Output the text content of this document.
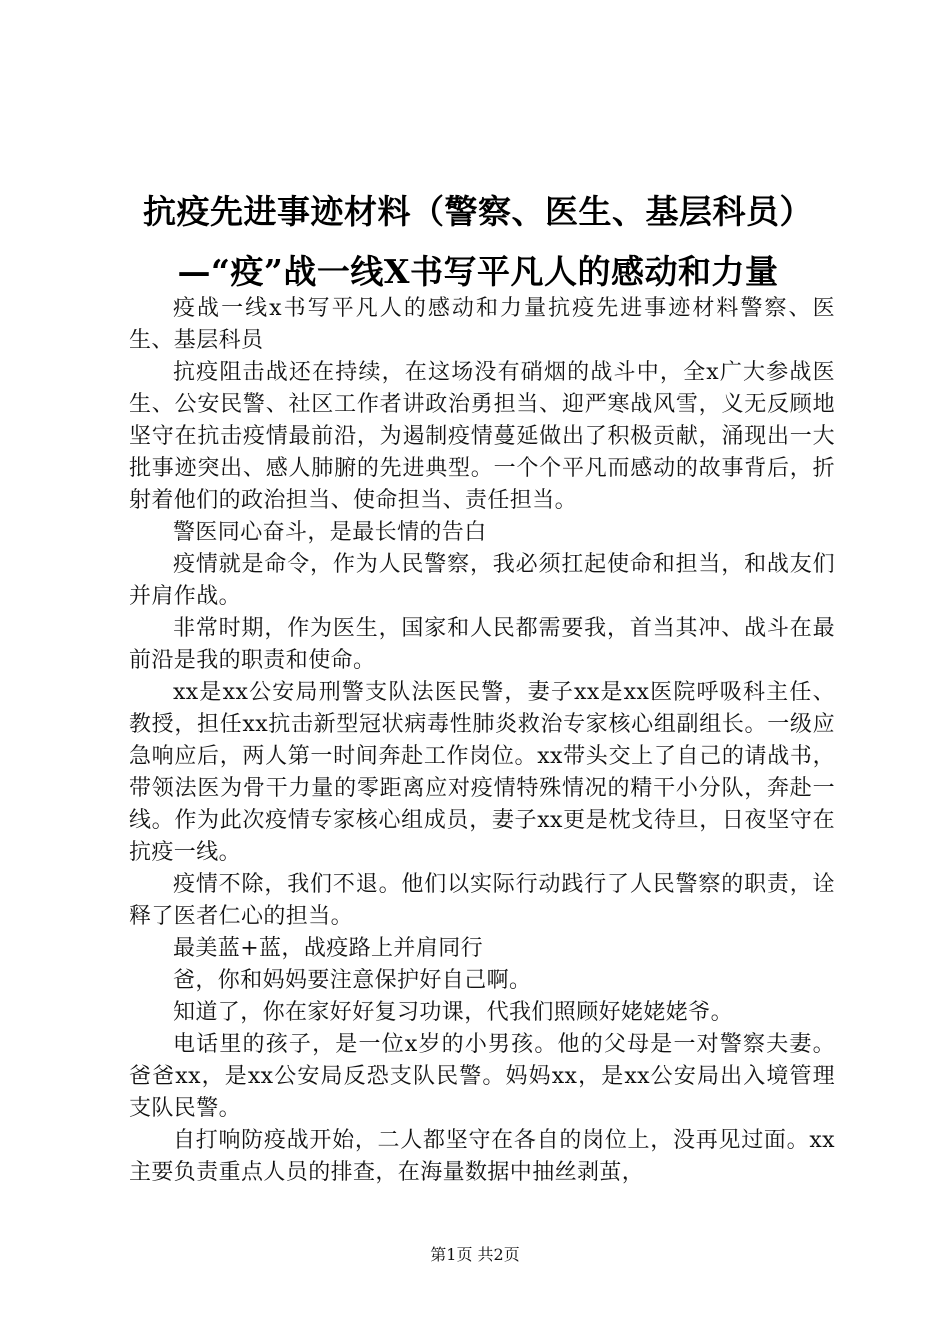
抗疫先进事迹材料（警察、医生、基层科员）
—“疫”战一线X书写平凡人的感动和力量

疫战一线x书写平凡人的感动和力量抗疫先进事迹材料警察、医生、基层科员

抗疫阻击战还在持续，在这场没有硝烟的战斗中，全x广大参战医生、公安民警、社区工作者讲政治勇担当、迎严寒战风雪，义无反顾地坚守在抗击疫情最前沿，为遏制疫情蔓延做出了积极贡献，涌现出一大批事迹突出、感人肺腑的先进典型。一个个平凡而感动的故事背后，折射着他们的政治担当、使命担当、责任担当。

警医同心奋斗，是最长情的告白

疫情就是命令，作为人民警察，我必须扛起使命和担当，和战友们并肩作战。

非常时期，作为医生，国家和人民都需要我，首当其冲、战斗在最前沿是我的职责和使命。

xx是xx公安局刑警支队法医民警，妻子xx是xx医院呼吸科主任、教授，担任xx抗击新型冠状病毒性肺炎救治专家核心组副组长。一级应急响应后，两人第一时间奔赴工作岗位。xx带头交上了自己的请战书，带领法医为骨干力量的零距离应对疫情特殊情况的精干小分队，奔赴一线。作为此次疫情专家核心组成员，妻子xx更是枕戈待旦，日夜坚守在抗疫一线。

疫情不除，我们不退。他们以实际行动践行了人民警察的职责，诠释了医者仁心的担当。

最美蓝+蓝，战疫路上并肩同行

爸，你和妈妈要注意保护好自己啊。

知道了，你在家好好复习功课，代我们照顾好姥姥姥爷。

电话里的孩子，是一位x岁的小男孩。他的父母是一对警察夫妻。爸爸xx，是xx公安局反恐支队民警。妈妈xx，是xx公安局出入境管理支队民警。

自打响防疫战开始，二人都坚守在各自的岗位上，没再见过面。xx主要负责重点人员的排查，在海量数据中抽丝剥茧，

第1页 共2页
